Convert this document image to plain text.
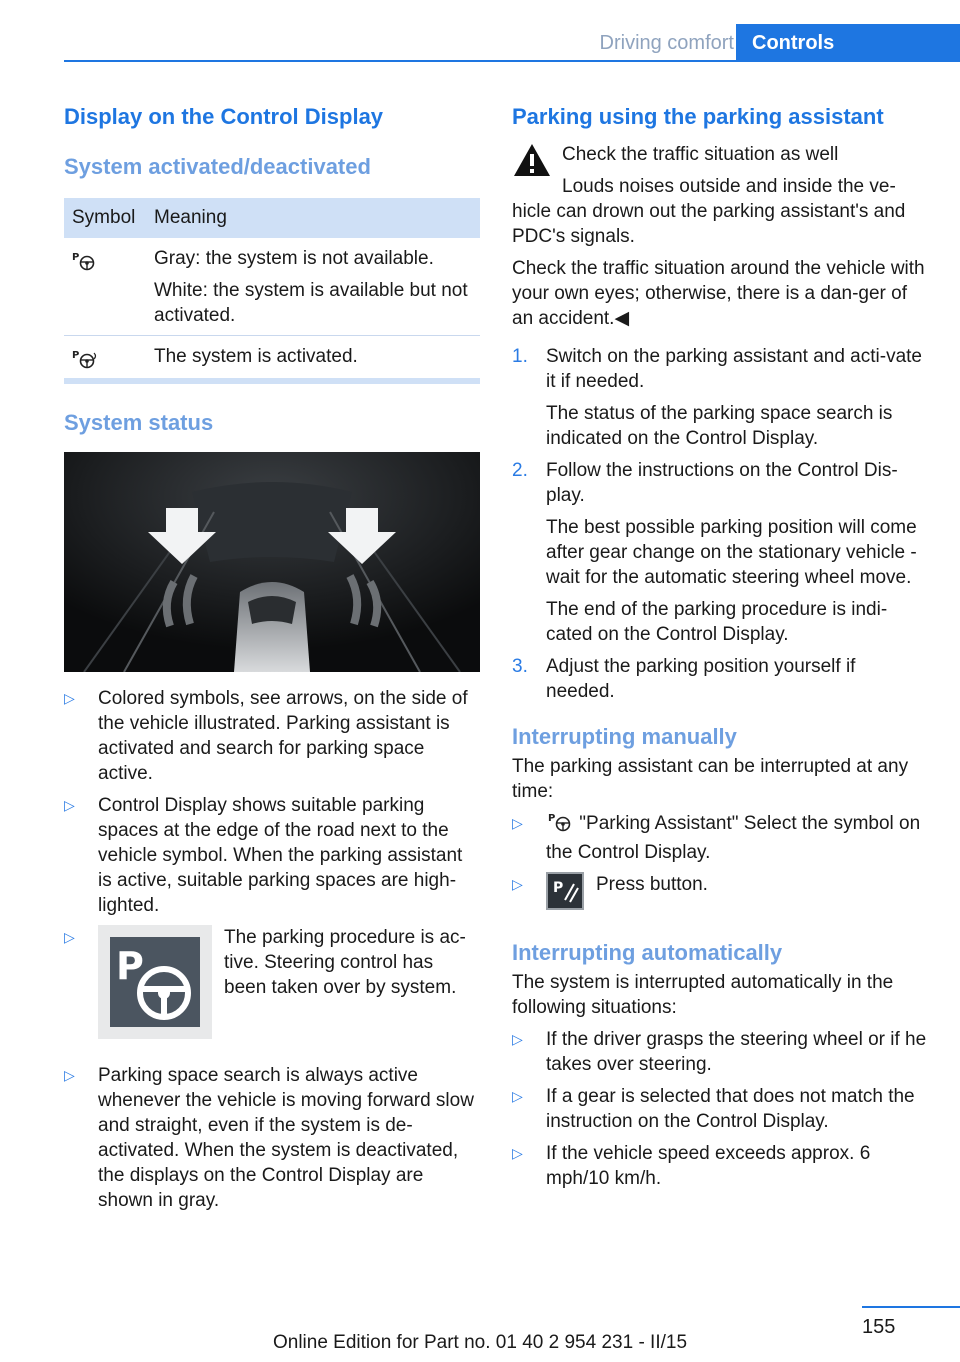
Driving comfort Controls
Display on the Control Display
System activated/deactivated
Symbol Meaning
P	Gray: the system is not available.
White: the system is available but not activated.
P	The system is activated.
System status
▷ Colored symbols, see arrows, on the side of the vehicle illustrated. Parking assistant is activated and search for parking space active.
▷ Control Display shows suitable parking spaces at the edge of the road next to the vehicle symbol. When the parking assistant is active, suitable parking spaces are high-lighted.
▷
P
The parking procedure is ac-tive. Steering control has been taken over by system.
▷ Parking space search is always active whenever the vehicle is moving forward slow and straight, even if the system is de-activated. When the system is deactivated, the displays on the Control Display are shown in gray.
Parking using the parking assistant
Check the traffic situation as well
Louds noises outside and inside the ve-
hicle can drown out the parking assistant's and PDC's signals.
Check the traffic situation around the vehicle with your own eyes; otherwise, there is a dan-ger of an accident.◀
1. Switch on the parking assistant and acti-vate it if needed.
The status of the parking space search is indicated on the Control Display.
2. Follow the instructions on the Control Dis-play.
The best possible parking position will come after gear change on the stationary vehicle - wait for the automatic steering wheel move.
The end of the parking procedure is indi-cated on the Control Display.
3. Adjust the parking position yourself if needed.
Interrupting manually
The parking assistant can be interrupted at any time:
▷	P "Parking Assistant" Select the symbol on the Control Display.
▷ P Press button.
Interrupting automatically
The system is interrupted automatically in the following situations:
▷ If the driver grasps the steering wheel or if he takes over steering.
▷ If a gear is selected that does not match the instruction on the Control Display.
▷ If the vehicle speed exceeds approx. 6 mph/10 km/h.
155
Online Edition for Part no. 01 40 2 954 231 - II/15
